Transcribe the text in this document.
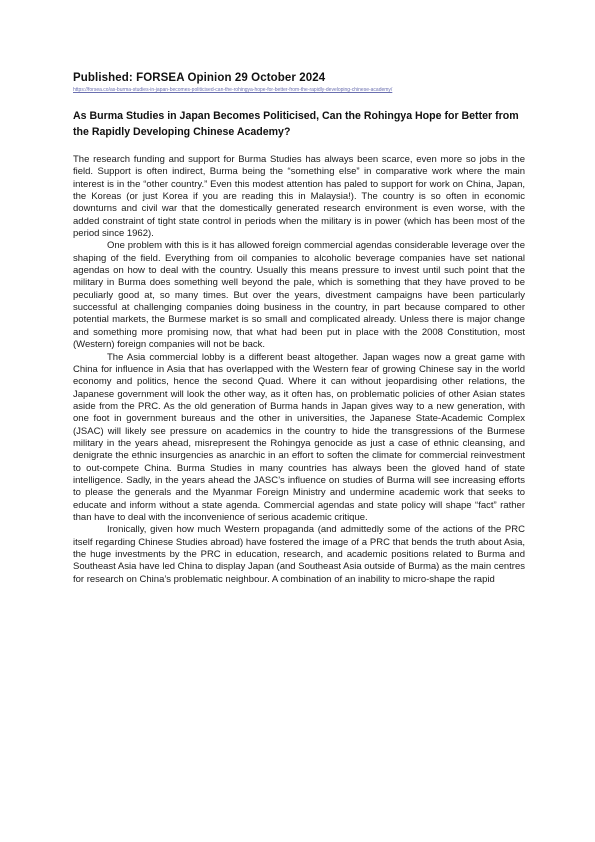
Published: FORSEA Opinion 29 October 2024
https://forsea.co/as-burma-studies-in-japan-becomes-politicised-can-the-rohingya-hope-for-better-from-the-rapidly-developing-chinese-academy/
As Burma Studies in Japan Becomes Politicised, Can the Rohingya Hope for Better from the Rapidly Developing Chinese Academy?

The research funding and support for Burma Studies has always been scarce, even more so jobs in the field. Support is often indirect, Burma being the “something else” in comparative work where the main interest is in the “other country.” Even this modest attention has paled to support for work on China, Japan, the Koreas (or just Korea if you are reading this in Malaysia!). The country is so often in economic downturns and civil war that the domestically generated research environment is even worse, with the added constraint of tight state control in periods when the military is in power (which has been most of the period since 1962).

One problem with this is it has allowed foreign commercial agendas considerable leverage over the shaping of the field. Everything from oil companies to alcoholic beverage companies have set national agendas on how to deal with the country. Usually this means pressure to invest until such point that the military in Burma does something well beyond the pale, which is something that they have proved to be peculiarly good at, so many times. But over the years, divestment campaigns have been particularly successful at challenging companies doing business in the country, in part because compared to other potential markets, the Burmese market is so small and complicated already. Unless there is major change and something more promising now, that what had been put in place with the 2008 Constitution, most (Western) foreign companies will not be back.

The Asia commercial lobby is a different beast altogether. Japan wages now a great game with China for influence in Asia that has overlapped with the Western fear of growing Chinese say in the world economy and politics, hence the second Quad. Where it can without jeopardising other relations, the Japanese government will look the other way, as it often has, on problematic policies of other Asian states aside from the PRC. As the old generation of Burma hands in Japan gives way to a new generation, with one foot in government bureaus and the other in universities, the Japanese State-Academic Complex (JSAC) will likely see pressure on academics in the country to hide the transgressions of the Burmese military in the years ahead, misrepresent the Rohingya genocide as just a case of ethnic cleansing, and denigrate the ethnic insurgencies as anarchic in an effort to soften the climate for commercial reinvestment to out-compete China. Burma Studies in many countries has always been the gloved hand of state intelligence. Sadly, in the years ahead the JASC’s influence on studies of Burma will see increasing efforts to please the generals and the Myanmar Foreign Ministry and undermine academic work that seeks to educate and inform without a state agenda. Commercial agendas and state policy will shape “fact” rather than have to deal with the inconvenience of serious academic critique.

Ironically, given how much Western propaganda (and admittedly some of the actions of the PRC itself regarding Chinese Studies abroad) have fostered the image of a PRC that bends the truth about Asia, the huge investments by the PRC in education, research, and academic positions related to Burma and Southeast Asia have led China to display Japan (and Southeast Asia outside of Burma) as the main centres for research on China’s problematic neighbour. A combination of an inability to micro-shape the rapid
